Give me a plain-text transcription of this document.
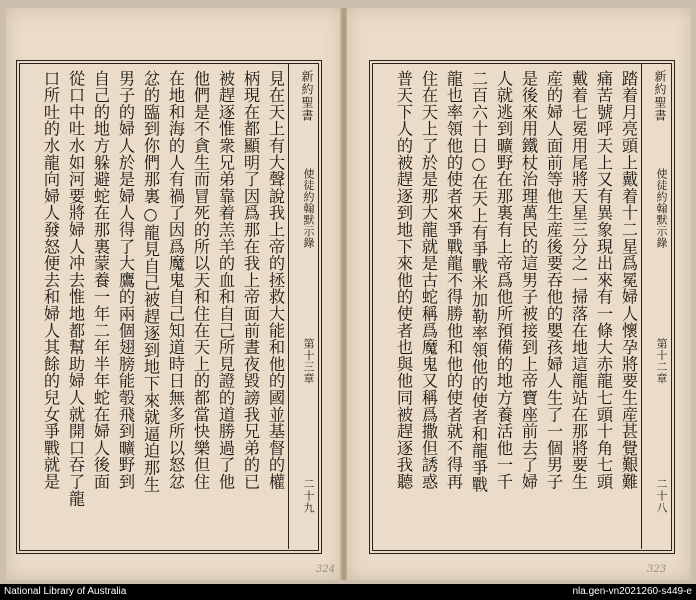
新約聖書
使徒約翰默示錄
第十三章
二十九
見在天上有大聲說我上帝的拯救大能和他的國並基督的權
柄現在都顯明了因爲那在我上帝面前晝夜毀謗我兄弟的已
被趕逐惟衆兄弟靠着羔羊的血和自己所見證的道勝過了他
他們是不貪生而冒死的所以天和住在天上的都當快樂但住
在地和海的人有禍了因爲魔鬼自己知道時日無多所以怒忿
忿的臨到你們那裏○龍見自己被趕逐到地下來就逼迫那生
男子的婦人於是婦人得了大鷹的兩個翅膀能彀飛到曠野到
自己的地方躲避蛇在那裏蒙養一年二年半年蛇在婦人後面
從口中吐水如河要將婦人冲去惟地都幫助婦人就開口吞了龍
口所吐的水龍向婦人發怒便去和婦人其餘的兒女爭戰就是
324
新約聖書
使徒約翰默示錄
第十二章
二十八
踏着月亮頭上戴着十二星爲冕婦人懷孕將要生産甚覺艱難
痛苦號呼天上又有異象現出來有一條大赤龍七頭十角七頭
戴着七冕用尾將天星三分之一掃落在地這龍站在那將要生
産的婦人面前等他生産後要吞他的嬰孩婦人生了一個男子
是後來用鐵杖治理萬民的這男子被接到上帝寶座前去了婦
人就逃到曠野在那裏有上帝爲他所預備的地方養活他一千
二百六十日○在天上有爭戰米加勒率領他的使者和龍爭戰
龍也率領他的使者來爭戰龍不得勝他和他的使者就不得再
住在天上了於是那大龍就是古蛇稱爲魔鬼又稱爲撒但誘惑
普天下人的被趕逐到地下來他的使者也與他同被趕逐我聽
323
National Library of Australia	nla.gen-vn2021260-s449-e
